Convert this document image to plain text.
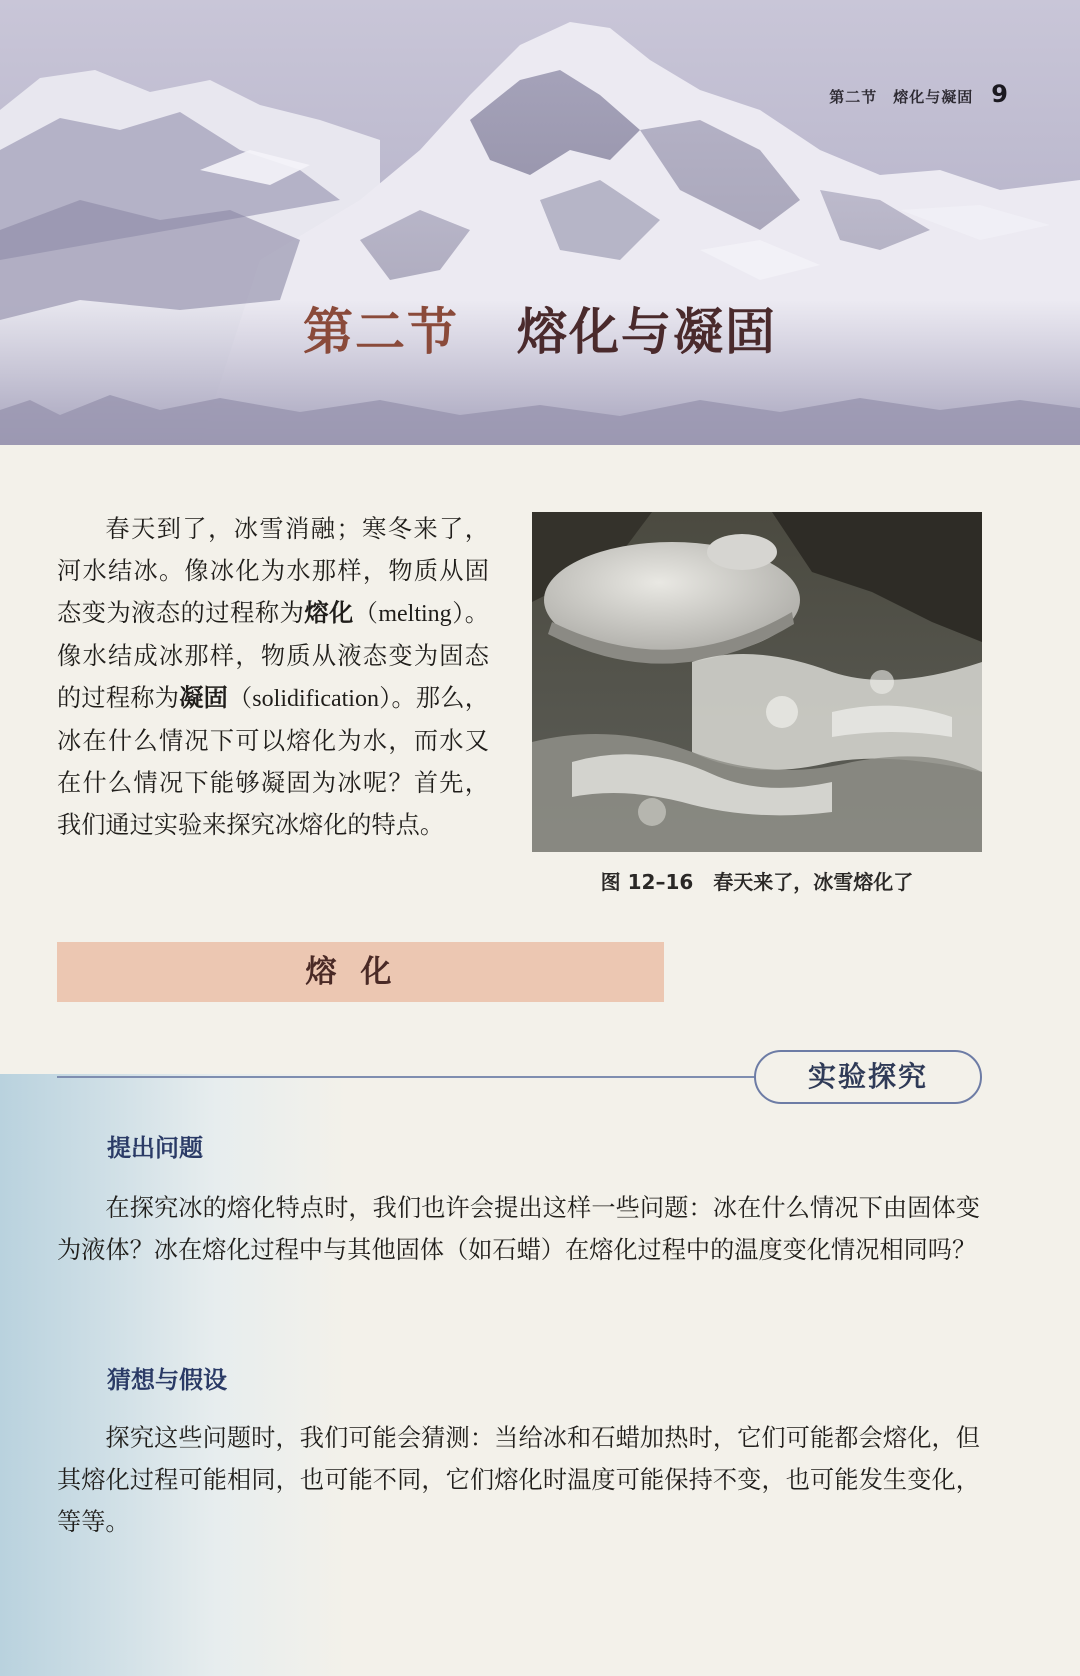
第二节　熔化与凝固 9
第二节 熔化与凝固
春天到了，冰雪消融；寒冬来了，河水结冰。像冰化为水那样，物质从固态变为液态的过程称为熔化（melting）。像水结成冰那样，物质从液态变为固态的过程称为凝固（solidification）。那么，冰在什么情况下可以熔化为水，而水又在什么情况下能够凝固为冰呢？首先，我们通过实验来探究冰熔化的特点。
图 12–16　春天来了，冰雪熔化了
熔化
实验探究
提出问题
在探究冰的熔化特点时，我们也许会提出这样一些问题：冰在什么情况下由固体变为液体？冰在熔化过程中与其他固体（如石蜡）在熔化过程中的温度变化情况相同吗？
猜想与假设
探究这些问题时，我们可能会猜测：当给冰和石蜡加热时，它们可能都会熔化，但其熔化过程可能相同，也可能不同，它们熔化时温度可能保持不变，也可能发生变化，等等。
